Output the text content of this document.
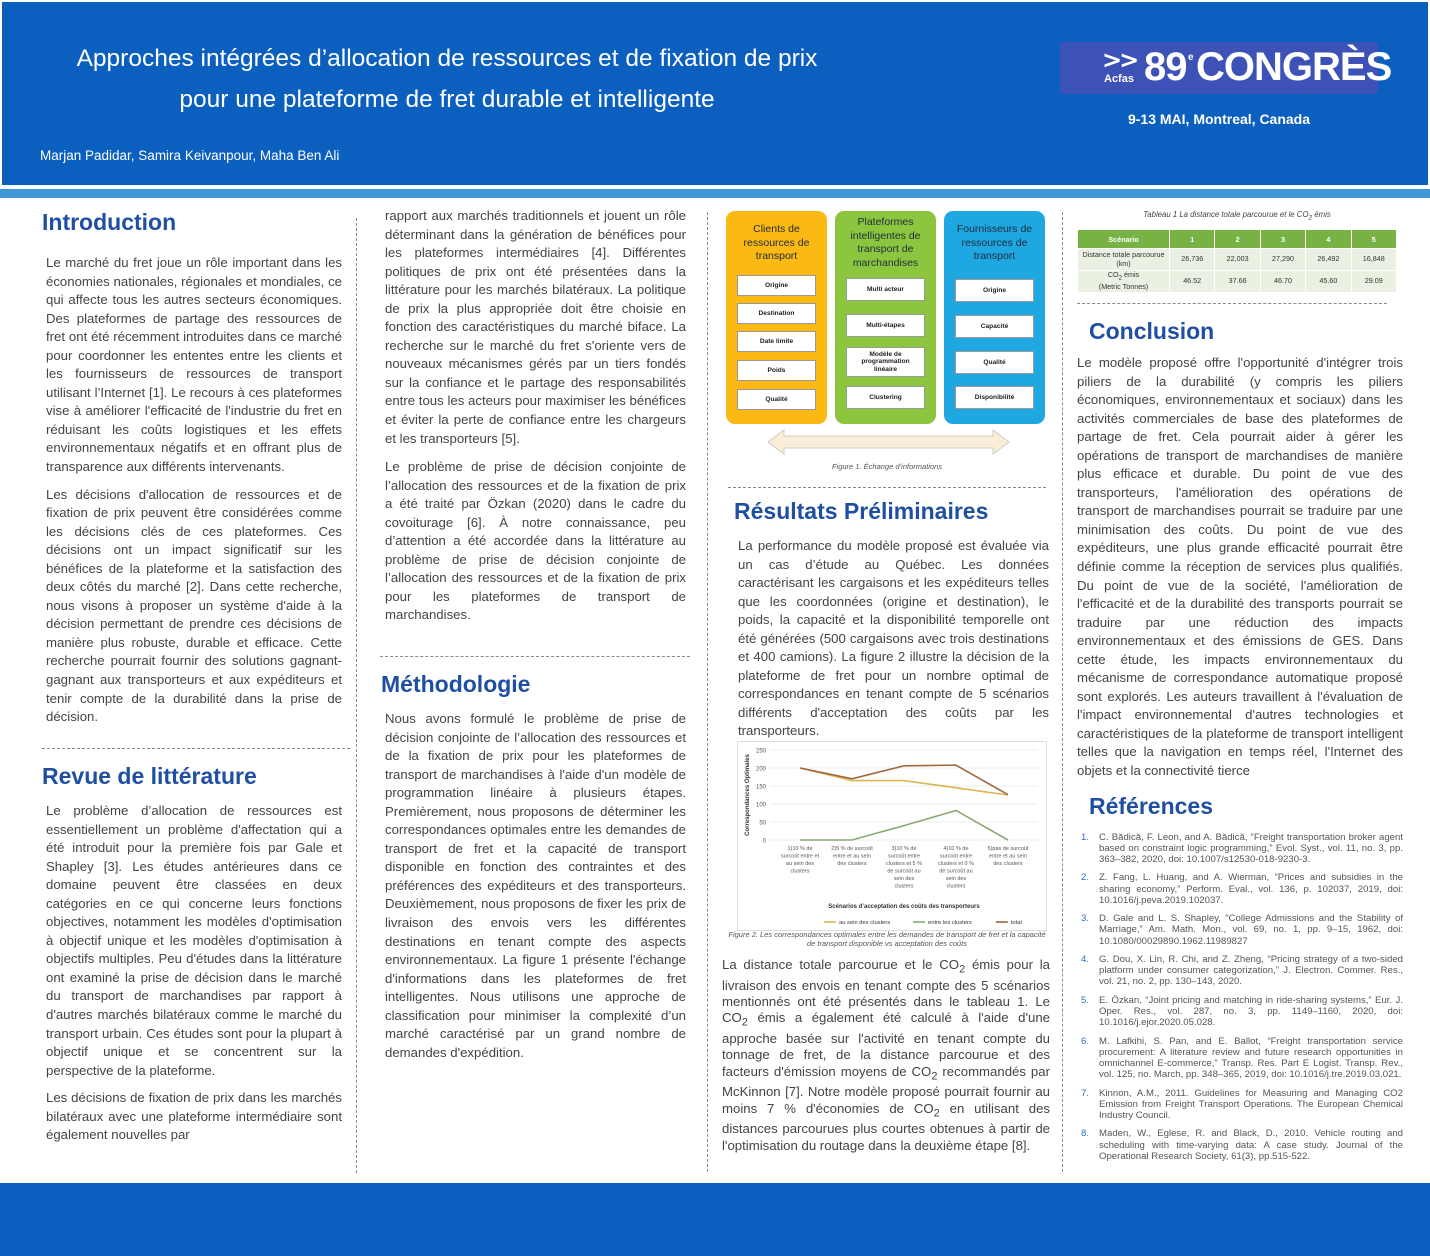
Approches intégrées d’allocation de ressources et de fixation de prix
pour une plateforme de fret durable et intelligente
Marjan Padidar, Samira Keivanpour, Maha Ben Ali
>>
Acfas 89 e CONGRÈS
9-13 MAI, Montreal, Canada
Introduction

Le marché du fret joue un rôle important dans les économies nationales, régionales et mondiales, ce qui affecte tous les autres secteurs économiques. Des plateformes de partage des ressources de fret ont été récemment introduites dans ce marché pour coordonner les ententes entre les clients et les fournisseurs de ressources de transport utilisant l’Internet [1]. Le recours à ces plateformes vise à améliorer l'efficacité de l'industrie du fret en réduisant les coûts logistiques et les effets environnementaux négatifs et en offrant plus de transparence aux différents intervenants.

Les décisions d'allocation de ressources et de fixation de prix peuvent être considérées comme les décisions clés de ces plateformes. Ces décisions ont un impact significatif sur les bénéfices de la plateforme et la satisfaction des deux côtés du marché [2]. Dans cette recherche, nous visons à proposer un système d'aide à la décision permettant de prendre ces décisions de manière plus robuste, durable et efficace. Cette recherche pourrait fournir des solutions gagnant-gagnant aux transporteurs et aux expéditeurs et tenir compte de la durabilité dans la prise de décision.

Revue de littérature

Le problème d’allocation de ressources est essentiellement un problème d'affectation qui a été introduit pour la première fois par Gale et Shapley [3]. Les études antérieures dans ce domaine peuvent être classées en deux catégories en ce qui concerne leurs fonctions objectives, notamment les modèles d'optimisation à objectif unique et les modèles d'optimisation à objectifs multiples. Peu d'études dans la littérature ont examiné la prise de décision dans le marché du transport de marchandises par rapport à d'autres marchés bilatéraux comme le marché du transport urbain. Ces études sont pour la plupart à objectif unique et se concentrent sur la perspective de la plateforme.

Les décisions de fixation de prix dans les marchés bilatéraux avec une plateforme intermédiaire sont également nouvelles par

rapport aux marchés traditionnels et jouent un rôle déterminant dans la génération de bénéfices pour les plateformes intermédiaires [4]. Différentes politiques de prix ont été présentées dans la littérature pour les marchés bilatéraux. La politique de prix la plus appropriée doit être choisie en fonction des caractéristiques du marché biface. La recherche sur le marché du fret s'oriente vers de nouveaux mécanismes gérés par un tiers fondés sur la confiance et le partage des responsabilités entre tous les acteurs pour maximiser les bénéfices et éviter la perte de confiance entre les chargeurs et les transporteurs [5].

Le problème de prise de décision conjointe de l’allocation des ressources et de la fixation de prix a été traité par Özkan (2020) dans le cadre du covoiturage [6]. À notre connaissance, peu d’attention a été accordée dans la littérature au problème de prise de décision conjointe de l’allocation des ressources et de la fixation de prix pour les plateformes de transport de marchandises.

Méthodologie

Nous avons formulé le problème de prise de décision conjointe de l’allocation des ressources et de la fixation de prix pour les plateformes de transport de marchandises à l'aide d'un modèle de programmation linéaire à plusieurs étapes. Premièrement, nous proposons de déterminer les correspondances optimales entre les demandes de transport de fret et la capacité de transport disponible en fonction des contraintes et des préférences des expéditeurs et des transporteurs. Deuxièmement, nous proposons de fixer les prix de livraison des envois vers les différentes destinations en tenant compte des aspects environnementaux. La figure 1 présente l'échange d'informations dans les plateformes de fret intelligentes. Nous utilisons une approche de classification pour minimiser la complexité d’un marché caractérisé par un grand nombre de demandes d'expédition.

Clients de ressources de transport
Origine
Destination
Date limite
Poids
Qualité
Plateformes intelligentes de transport de marchandises
Multi acteur
Multi-étapes
Modèle de programmation linéaire
Clustering
Fournisseurs de ressources de transport
Origine
Capacité
Qualité
Disponibilité
Figure 1. Échange d’informations
Résultats Préliminaires

La performance du modèle proposé est évaluée via un cas d’étude au Québec. Les données caractérisant les cargaisons et les expéditeurs telles que les coordonnées (origine et destination), le poids, la capacité et la disponibilité temporelle ont été générées (500 cargaisons avec trois destinations et 400 camions). La figure 2 illustre la décision de la plateforme de fret pour un nombre optimal de correspondances en tenant compte de 5 scénarios différents d'acceptation des coûts par les transporteurs.

0
50
100
150
200
250
Correspondances Optimales
1)10 % de surcoût entre et au sein des clusters
2)5 % de surcoût entre et au sein des clusters
3)10 % de surcoût entre clusters et 5 % de surcoût au sein des clusters
4)10 % de surcoût entre clusters et 0 % de surcoût au sein des clusters
5)pas de surcoût entre et au sein des clusters
Scénarios d’acceptation des coûts des transporteurs
au sein des clusters	entre les clusters	total
Figure 2. Les correspondances optimales entre les demandes de transport de fret et la capacité de transport disponible vs acceptation des coûts

La distance totale parcourue et le $CO_2$ émis pour la livraison des envois en tenant compte des 5 scénarios mentionnés ont été présentés dans le tableau 1. Le $CO_2$ émis a également été calculé à l'aide d'une approche basée sur l'activité en tenant compte du tonnage de fret, de la distance parcourue et des facteurs d'émission moyens de $CO_2$ recommandés par McKinnon [7]. Notre modèle proposé pourrait fournir au moins 7 % d'économies de $CO_2$ en utilisant des distances parcourues plus courtes obtenues à partir de l'optimisation du routage dans la deuxième étape [8].

Tableau 1 La distance totale parcourue et le $CO_2$ émis
Scénario	1	2	3	4	5
Distance totale parcourue
(km)	26,736	22,003	27,290	26,492	16,848
$CO_2$ émis
(Metric Tonnes)	46.52	37.66	46.70	45.60	29.09
Conclusion

Le modèle proposé offre l'opportunité d'intégrer trois piliers de la durabilité (y compris les piliers économiques, environnementaux et sociaux) dans les activités commerciales de base des plateformes de partage de fret. Cela pourrait aider à gérer les opérations de transport de marchandises de manière plus efficace et durable. Du point de vue des transporteurs, l'amélioration des opérations de transport de marchandises pourrait se traduire par une minimisation des coûts. Du point de vue des expéditeurs, une plus grande efficacité pourrait être définie comme la réception de services plus qualifiés. Du point de vue de la société, l'amélioration de l'efficacité et de la durabilité des transports pourrait se traduire par une réduction des impacts environnementaux et des émissions de GES. Dans cette étude, les impacts environnementaux du mécanisme de correspondance automatique proposé sont explorés. Les auteurs travaillent à l'évaluation de l'impact environnemental d'autres technologies et caractéristiques de la plateforme de transport intelligent telles que la navigation en temps réel, l'Internet des objets et la connectivité tierce

Références
1. C. Bădică, F. Leon, and A. Bădică, “Freight transportation broker agent based on constraint logic programming,” Evol. Syst., vol. 11, no. 3, pp. 363–382, 2020, doi: 10.1007/s12530-018-9230-3.
2. Z. Fang, L. Huang, and A. Wierman, “Prices and subsidies in the sharing economy,” Perform. Eval., vol. 136, p. 102037, 2019, doi: 10.1016/j.peva.2019.102037.
3. D. Gale and L. S. Shapley, “College Admissions and the Stability of Marriage,” Am. Math. Mon., vol. 69, no. 1, pp. 9–15, 1962, doi: 10.1080/00029890.1962.11989827
4. G. Dou, X. Lin, R. Chi, and Z. Zheng, “Pricing strategy of a two-sided platform under consumer categorization,” J. Electron. Commer. Res., vol. 21, no. 2, pp. 130–143, 2020.
5. E. Özkan, “Joint pricing and matching in ride-sharing systems,” Eur. J. Oper. Res., vol. 287, no. 3, pp. 1149–1160, 2020, doi: 10.1016/j.ejor.2020.05.028.
6. M. Lafkihi, S. Pan, and E. Ballot, “Freight transportation service procurement: A literature review and future research opportunities in omnichannel E-commerce,” Transp. Res. Part E Logist. Transp. Rev., vol. 125, no. March, pp. 348–365, 2019, doi: 10.1016/j.tre.2019.03.021.
7. Kinnon, A.M., 2011. Guidelines for Measuring and Managing CO2 Emission from Freight Transport Operations. The European Chemical Industry Council.
8. Maden, W., Eglese, R. and Black, D., 2010. Vehicle routing and scheduling with time-varying data: A case study. Journal of the Operational Research Society, 61(3), pp.515-522.
